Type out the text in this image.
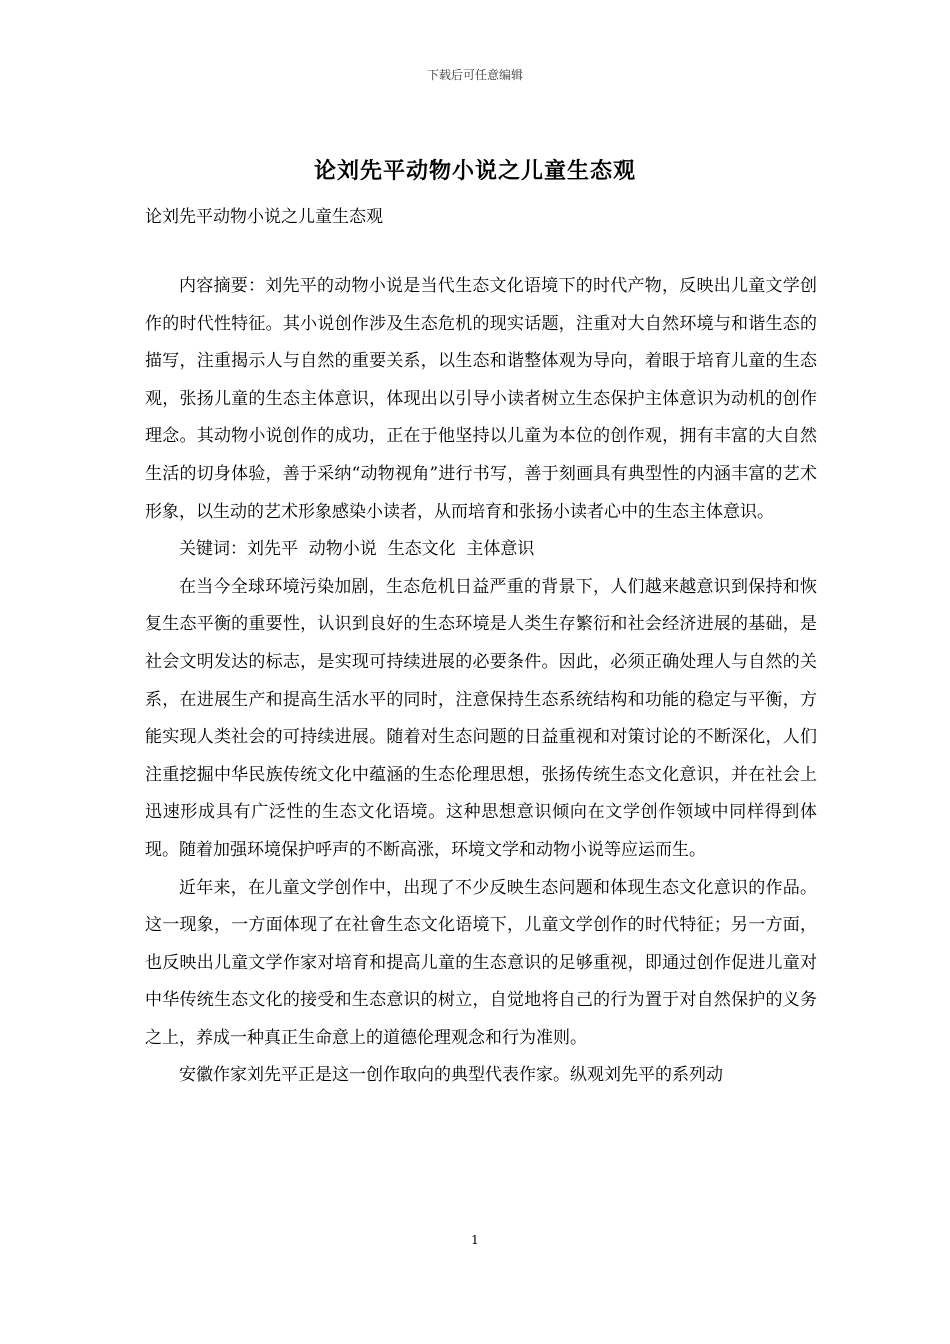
下载后可任意编辑
论刘先平动物小说之儿童生态观
论刘先平动物小说之儿童生态观

内容摘要：刘先平的动物小说是当代生态文化语境下的时代产物，反映出儿童文学创作的时代性特征。其小说创作涉及生态危机的现实话题，注重对大自然环境与和谐生态的描写，注重揭示人与自然的重要关系，以生态和谐整体观为导向，着眼于培育儿童的生态观，张扬儿童的生态主体意识，体现出以引导小读者树立生态保护主体意识为动机的创作理念。其动物小说创作的成功，正在于他坚持以儿童为本位的创作观，拥有丰富的大自然生活的切身体验，善于采纳“动物视角”进行书写，善于刻画具有典型性的内涵丰富的艺术形象，以生动的艺术形象感染小读者，从而培育和张扬小读者心中的生态主体意识。

关键词：刘先平  动物小说  生态文化  主体意识

在当今全球环境污染加剧，生态危机日益严重的背景下，人们越来越意识到保持和恢复生态平衡的重要性，认识到良好的生态环境是人类生存繁衍和社会经济进展的基础，是社会文明发达的标志，是实现可持续进展的必要条件。因此，必须正确处理人与自然的关系，在进展生产和提高生活水平的同时，注意保持生态系统结构和功能的稳定与平衡，方能实现人类社会的可持续进展。随着对生态问题的日益重视和对策讨论的不断深化，人们注重挖掘中华民族传统文化中蕴涵的生态伦理思想，张扬传统生态文化意识，并在社会上迅速形成具有广泛性的生态文化语境。这种思想意识倾向在文学创作领域中同样得到体现。随着加强环境保护呼声的不断高涨，环境文学和动物小说等应运而生。

近年来，在儿童文学创作中，出现了不少反映生态问题和体现生态文化意识的作品。这一现象，一方面体现了在社會生态文化语境下，儿童文学创作的时代特征；另一方面，也反映出儿童文学作家对培育和提高儿童的生态意识的足够重视，即通过创作促进儿童对中华传统生态文化的接受和生态意识的树立，自觉地将自己的行为置于对自然保护的义务之上，养成一种真正生命意上的道德伦理观念和行为准则。

安徽作家刘先平正是这一创作取向的典型代表作家。纵观刘先平的系列动

1
